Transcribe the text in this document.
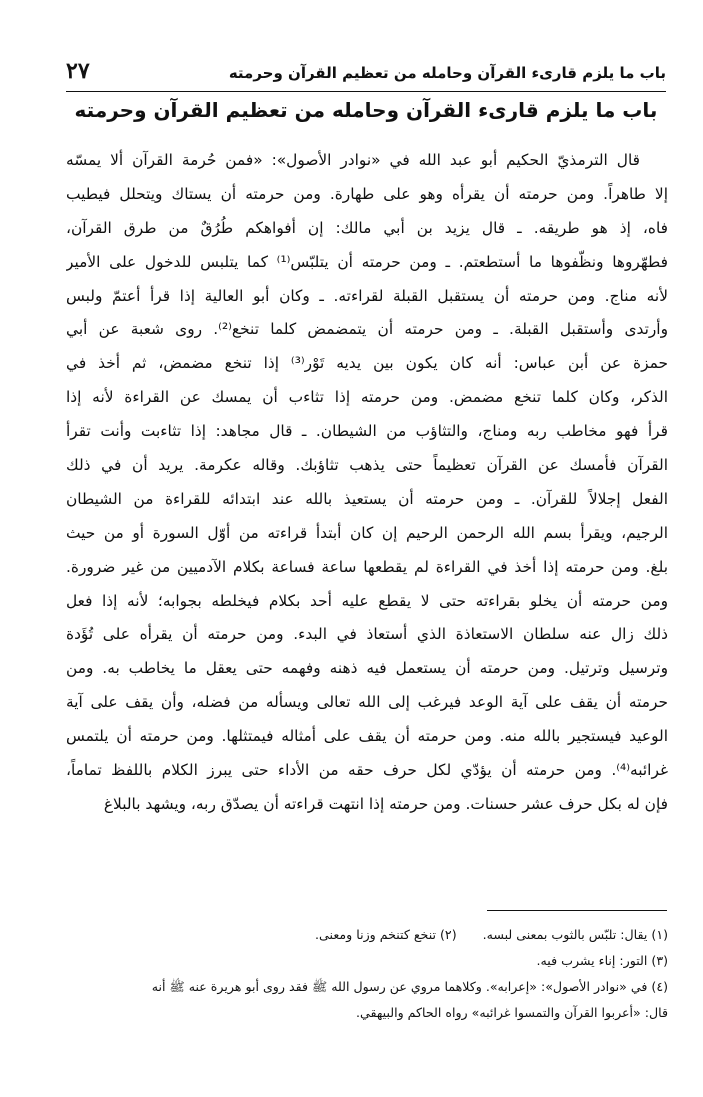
باب ما يلزم قارىء القرآن وحامله من تعظيم القرآن وحرمته
٢٧
باب ما يلزم قارىء القرآن وحامله من تعظيم القرآن وحرمته
قال الترمذيّ الحكيم أبو عبد الله في «نوادر الأصول»: «فمن حُرمة القرآن ألا يمسّه
إلا طاهراً. ومن حرمته أن يقرأه وهو على طهارة. ومن حرمته أن يستاك ويتحلل فيطيب
فاه، إذ هو طريقه. ـ قال يزيد بن أبي مالك: إن أفواهكم طُرُقٌ من طرق القرآن،
فطهّروها ونظّفوها ما أستطعتم. ـ ومن حرمته أن يتلبّس⁽¹⁾ كما يتلبس للدخول على الأمير
لأنه مناج. ومن حرمته أن يستقبل القبلة لقراءته. ـ وكان أبو العالية إذا قرأ أعتمّ ولبس
وأرتدى وأستقبل القبلة. ـ ومن حرمته أن يتمضمض كلما تنخع⁽²⁾. روى شعبة عن أبي
حمزة عن أبن عباس: أنه كان يكون بين يديه تَوْر⁽³⁾ إذا تنخع مضمض، ثم أخذ في
الذكر، وكان كلما تنخع مضمض. ومن حرمته إذا تثاءب أن يمسك عن القراءة لأنه إذا
قرأ فهو مخاطب ربه ومناج، والتثاؤب من الشيطان. ـ قال مجاهد: إذا تثاءبت وأنت تقرأ
القرآن فأمسك عن القرآن تعظيماً حتى يذهب تثاؤبك. وقاله عكرمة. يريد أن في ذلك
الفعل إجلالاً للقرآن. ـ ومن حرمته أن يستعيذ بالله عند ابتدائه للقراءة من الشيطان
الرجيم، ويقرأ بسم الله الرحمن الرحيم إن كان أبتدأ قراءته من أوّل السورة أو من حيث
بلغ. ومن حرمته إذا أخذ في القراءة لم يقطعها ساعة فساعة بكلام الآدميين من غير ضرورة.
ومن حرمته أن يخلو بقراءته حتى لا يقطع عليه أحد بكلام فيخلطه بجوابه؛ لأنه إذا فعل
ذلك زال عنه سلطان الاستعاذة الذي أستعاذ في البدء. ومن حرمته أن يقرأه على تُؤَدة
وترسيل وترتيل. ومن حرمته أن يستعمل فيه ذهنه وفهمه حتى يعقل ما يخاطب به. ومن
حرمته أن يقف على آية الوعد فيرغب إلى الله تعالى ويسأله من فضله، وأن يقف على آية
الوعيد فيستجير بالله منه. ومن حرمته أن يقف على أمثاله فيمتثلها. ومن حرمته أن يلتمس
غرائبه⁽⁴⁾. ومن حرمته أن يؤدّي لكل حرف حقه من الأداء حتى يبرز الكلام باللفظ تماماً،
فإن له بكل حرف عشر حسنات. ومن حرمته إذا انتهت قراءته أن يصدّق ربه، ويشهد بالبلاغ
(١) يقال: تلبّس بالثوب بمعنى لبسه.(٢) تنخع كتنخم وزنا ومعنى.
(٣) التور: إناء يشرب فيه.
(٤) في «نوادر الأصول»: «إعرابه». وكلاهما مروي عن رسول الله ﷺ فقد روى أبو هريرة عنه ﷺ أنه
قال: «أعربوا القرآن والتمسوا غرائبه» رواه الحاكم والبيهقي.
